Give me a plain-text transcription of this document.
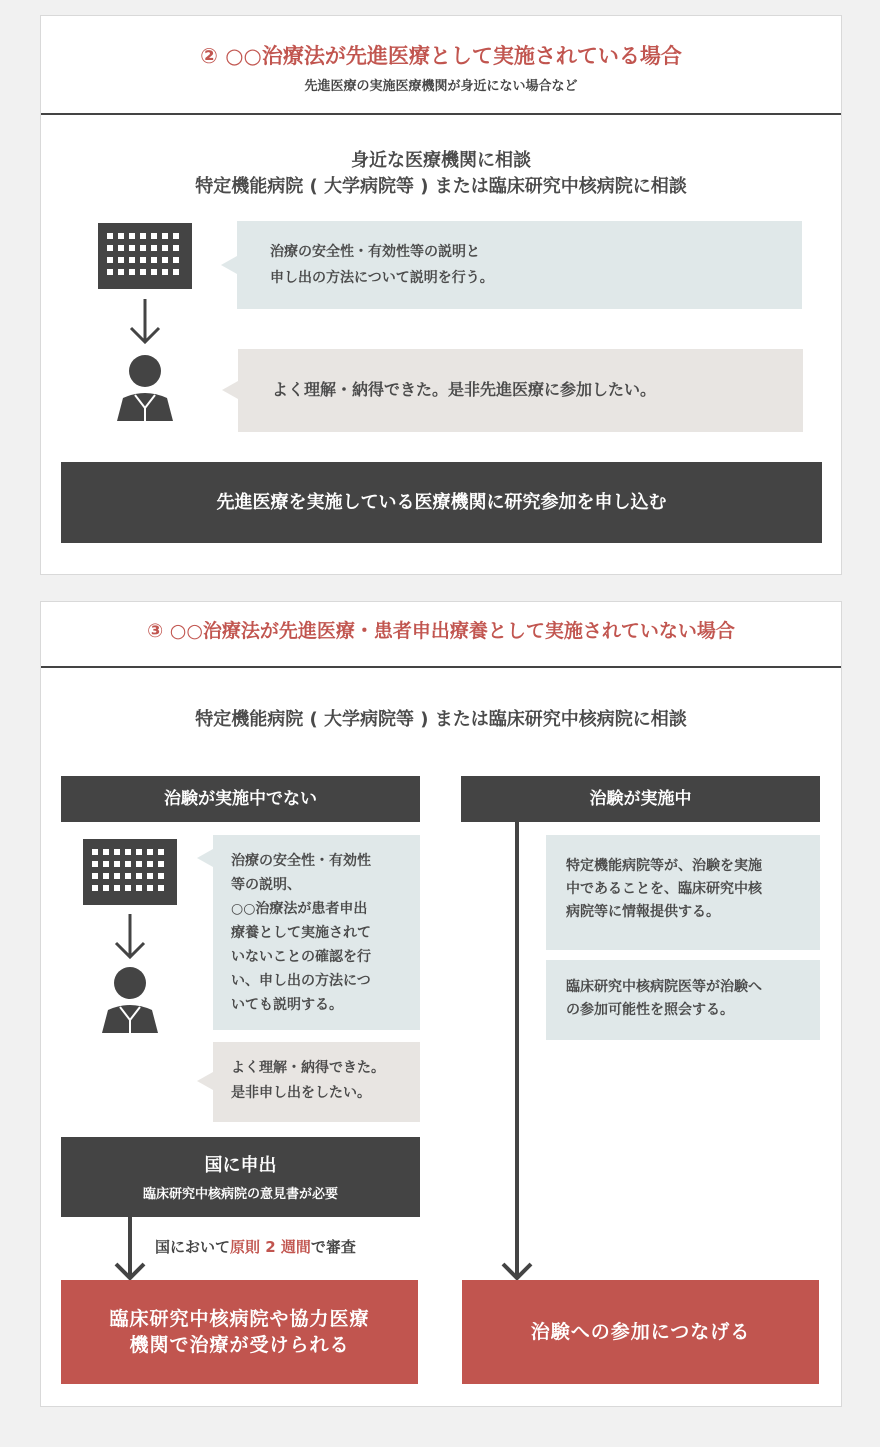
② ○○治療法が先進医療として実施されている場合
先進医療の実施医療機関が身近にない場合など
身近な医療機関に相談
特定機能病院 ( 大学病院等 ) または臨床研究中核病院に相談
治療の安全性・有効性等の説明と
申し出の方法について説明を行う。
よく理解・納得できた。是非先進医療に参加したい。
先進医療を実施している医療機関に研究参加を申し込む
③ ○○治療法が先進医療・患者申出療養として実施されていない場合
特定機能病院 ( 大学病院等 ) または臨床研究中核病院に相談
治験が実施中でない
治療の安全性・有効性
等の説明、
○○治療法が患者申出
療養として実施されて
いないことの確認を行
い、申し出の方法につ
いても説明する。
よく理解・納得できた。
是非申し出をしたい。
国に申出
臨床研究中核病院の意見書が必要
国において原則 2 週間で審査
臨床研究中核病院や協力医療
機関で治療が受けられる
治験が実施中
特定機能病院等が、治験を実施
中であることを、臨床研究中核
病院等に情報提供する。
臨床研究中核病院医等が治験へ
の参加可能性を照会する。
治験への参加につなげる
